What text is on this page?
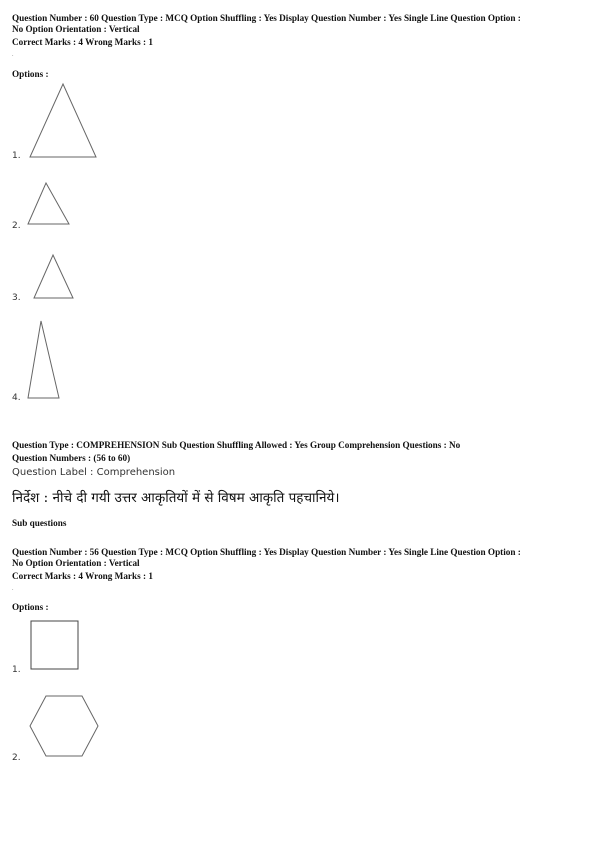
Question Number : 60 Question Type : MCQ Option Shuffling : Yes Display Question Number : Yes Single Line Question Option :
No Option Orientation : Vertical
Correct Marks : 4 Wrong Marks : 1
.
Options :
1.
2.
3.
4.
Question Type : COMPREHENSION Sub Question Shuffling Allowed : Yes Group Comprehension Questions : No
Question Numbers : (56 to 60)
Question Label : Comprehension
निर्देश : नीचे दी गयी उत्तर आकृतियों में से विषम आकृति पहचानिये।
Sub questions
Question Number : 56 Question Type : MCQ Option Shuffling : Yes Display Question Number : Yes Single Line Question Option :
No Option Orientation : Vertical
Correct Marks : 4 Wrong Marks : 1
.
Options :
1.
2.
